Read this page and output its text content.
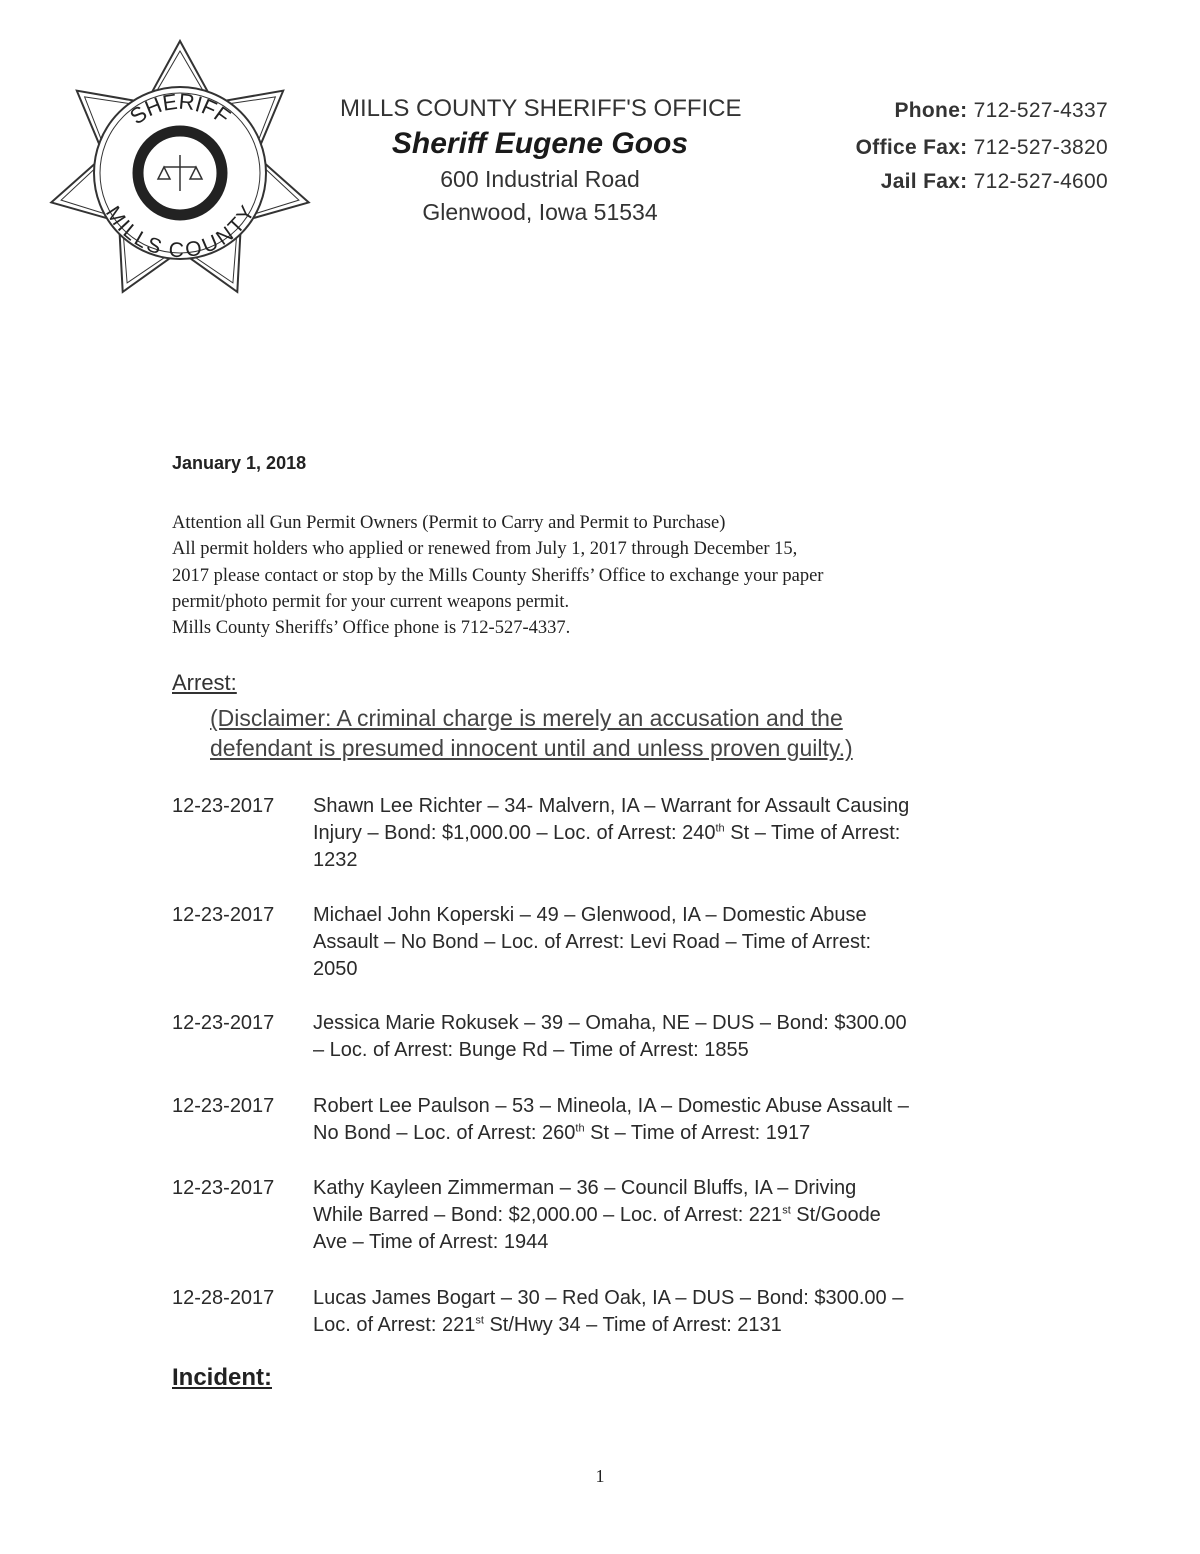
SHERIFF
MILLS COUNTY
STATE OF IOWA
SHERIFF'S SEAL
MILLS COUNTY SHERIFF'S OFFICE
Sheriff Eugene Goos
600 Industrial Road
Glenwood, Iowa 51534
Phone: 712-527-4337
Office Fax: 712-527-3820
Jail Fax: 712-527-4600
January 1, 2018
Attention all Gun Permit Owners (Permit to Carry and Permit to Purchase)
All permit holders who applied or renewed from July 1, 2017 through December 15,
2017 please contact or stop by the Mills County Sheriffs’ Office to exchange your paper
permit/photo permit for your current weapons permit.
Mills County Sheriffs’ Office phone is 712-527-4337.
Arrest:
(Disclaimer: A criminal charge is merely an accusation and the
defendant is presumed innocent until and unless proven guilty.)
12-23-2017 Shawn Lee Richter – 34- Malvern, IA – Warrant for Assault Causing
Injury – Bond: $1,000.00 – Loc. of Arrest: 240th St – Time of Arrest:
1232
12-23-2017 Michael John Koperski – 49 – Glenwood, IA – Domestic Abuse
Assault – No Bond – Loc. of Arrest: Levi Road – Time of Arrest:
2050
12-23-2017 Jessica Marie Rokusek – 39 – Omaha, NE – DUS – Bond: $300.00
– Loc. of Arrest: Bunge Rd – Time of Arrest: 1855
12-23-2017 Robert Lee Paulson – 53 – Mineola, IA – Domestic Abuse Assault –
No Bond – Loc. of Arrest: 260th St – Time of Arrest: 1917
12-23-2017 Kathy Kayleen Zimmerman – 36 – Council Bluffs, IA – Driving
While Barred – Bond: $2,000.00 – Loc. of Arrest: 221st St/Goode
Ave – Time of Arrest: 1944
12-28-2017 Lucas James Bogart – 30 – Red Oak, IA – DUS – Bond: $300.00 –
Loc. of Arrest: 221st St/Hwy 34 – Time of Arrest: 2131
Incident:
1
